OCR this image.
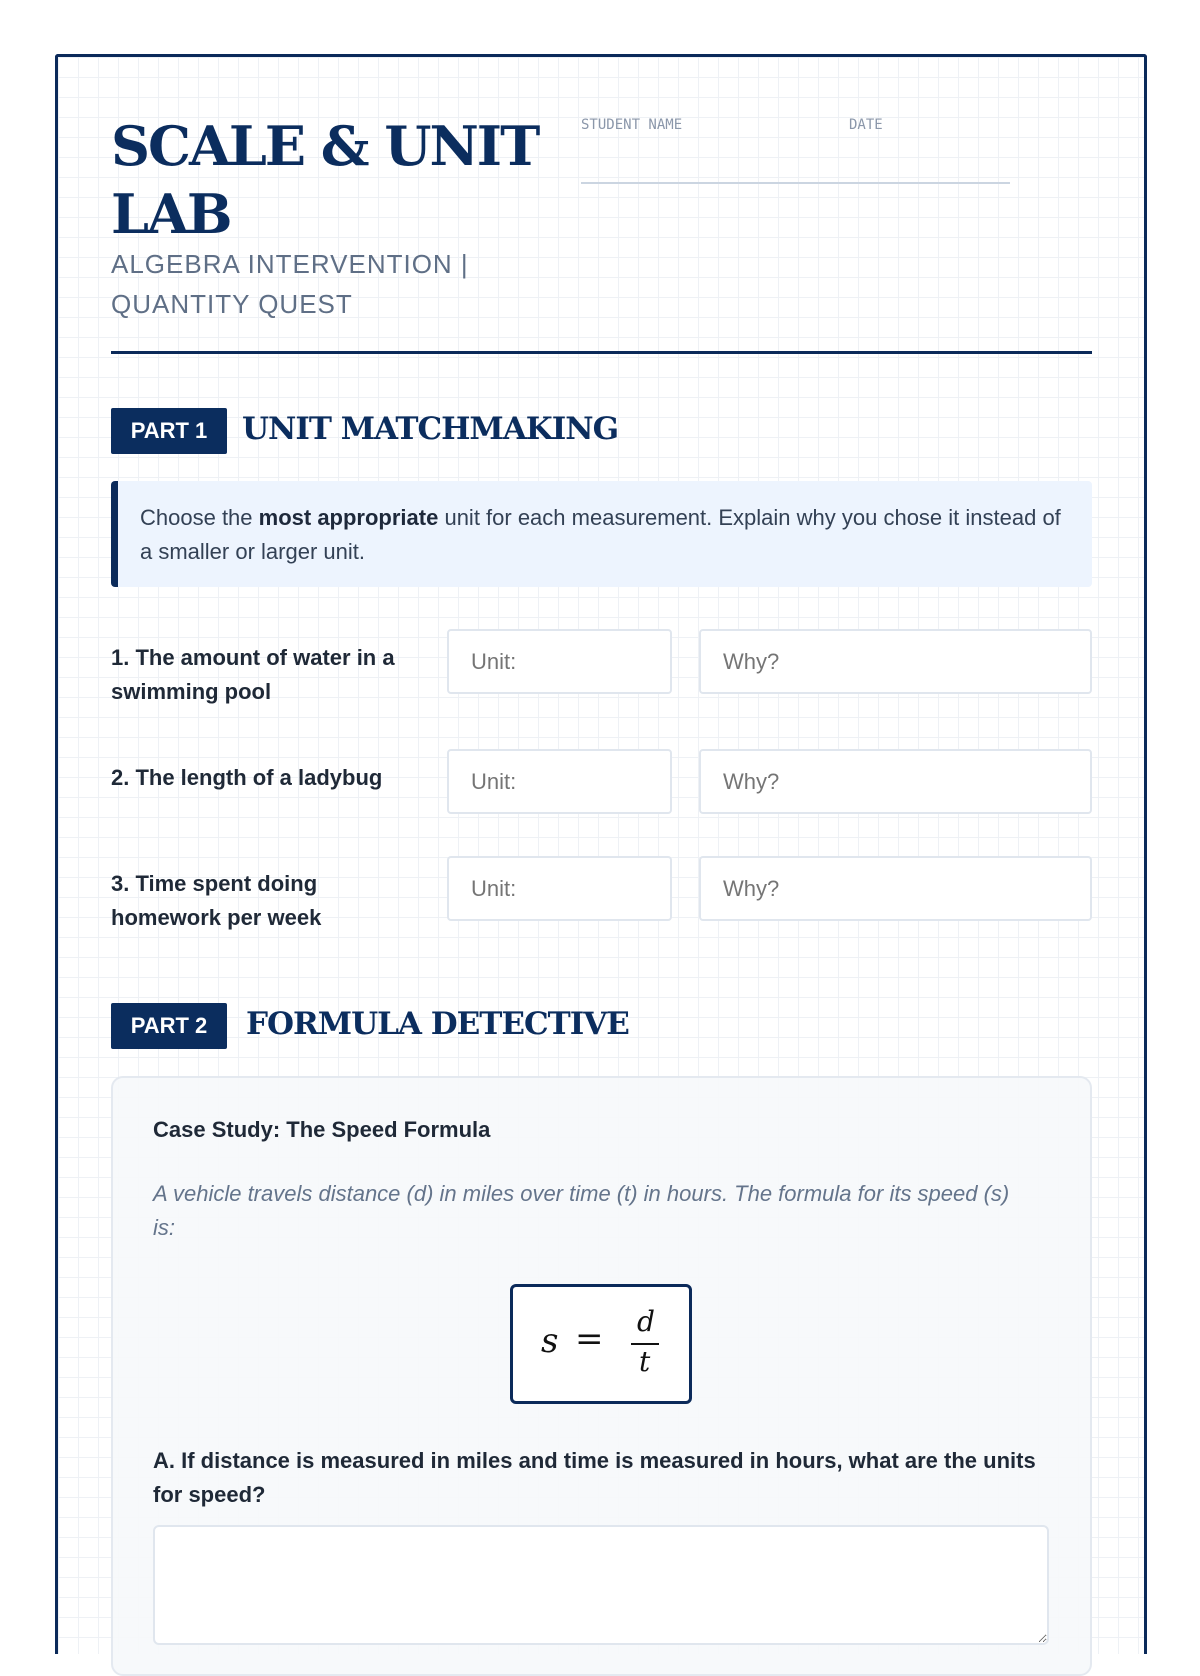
SCALE & UNIT LAB
ALGEBRA INTERVENTION | QUANTITY QUEST
STUDENT NAME	DATE
PART 1	UNIT MATCHMAKING
Choose the most appropriate unit for each measurement. Explain why you chose it instead of a smaller or larger unit.
1. The amount of water in a swimming pool
Unit:
Why?
2. The length of a ladybug
Unit:
Why?
3. Time spent doing homework per week
Unit:
Why?
PART 2	FORMULA DETECTIVE
Case Study: The Speed Formula
A vehicle travels distance (d) in miles over time (t) in hours. The formula for its speed (s) is:
s = d
t
A. If distance is measured in miles and time is measured in hours, what are the units for speed?
